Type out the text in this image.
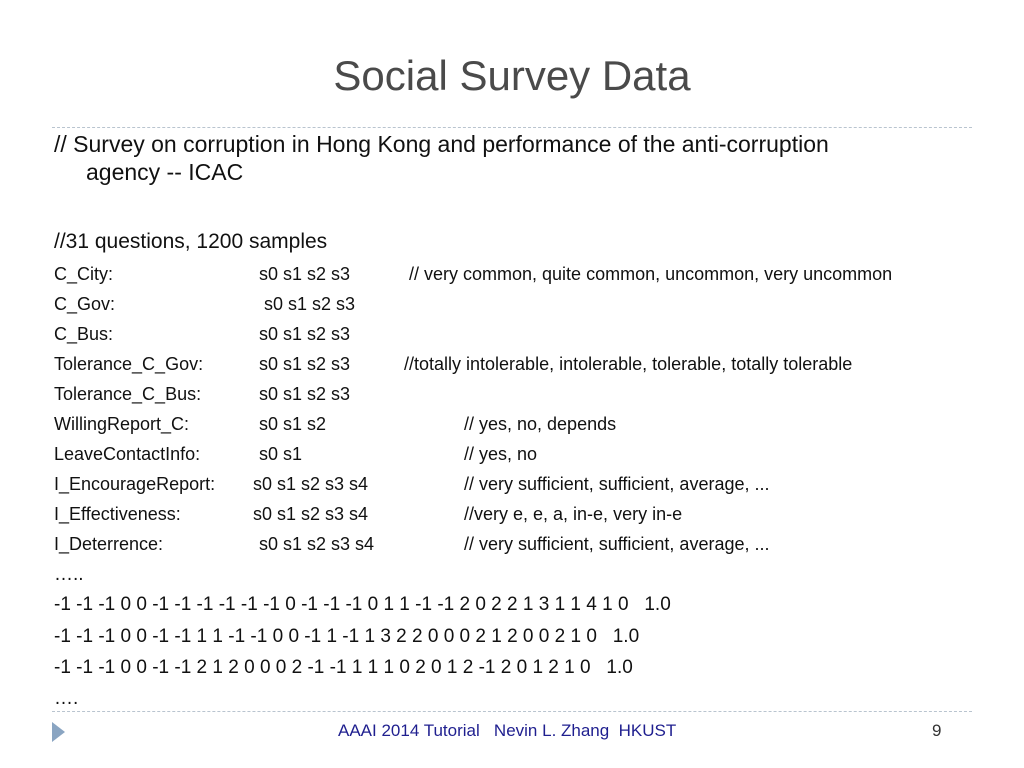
Social Survey Data
// Survey on corruption in Hong Kong and performance of the anti-corruption
agency -- ICAC
//31 questions, 1200 samples
C_City:	s0 s1 s2 s3	// very common, quite common, uncommon, very uncommon
C_Gov:	s0 s1 s2 s3
C_Bus:	s0 s1 s2 s3
Tolerance_C_Gov:	s0 s1 s2 s3	//totally intolerable, intolerable, tolerable, totally tolerable
Tolerance_C_Bus:	s0 s1 s2 s3
WillingReport_C:	s0 s1 s2	// yes, no, depends
LeaveContactInfo:	s0 s1	// yes, no
I_EncourageReport: s0 s1 s2 s3 s4	// very sufficient, sufficient, average, ...
I_Effectiveness:	s0 s1 s2 s3 s4	//very e, e, a, in-e, very in-e
I_Deterrence:	s0 s1 s2 s3 s4	// very sufficient, sufficient, average, ...
…..
-1 -1 -1 0 0 -1 -1 -1 -1 -1 -1 0 -1 -1 -1 0 1 1 -1 -1 2 0 2 2 1 3 1 1 4 1 0   1.0
-1 -1 -1 0 0 -1 -1 1 1 -1 -1 0 0 -1 1 -1 1 3 2 2 0 0 0 2 1 2 0 0 2 1 0   1.0
-1 -1 -1 0 0 -1 -1 2 1 2 0 0 0 2 -1 -1 1 1 1 0 2 0 1 2 -1 2 0 1 2 1 0   1.0
….
AAAI 2014 Tutorial   Nevin L. Zhang  HKUST	9
